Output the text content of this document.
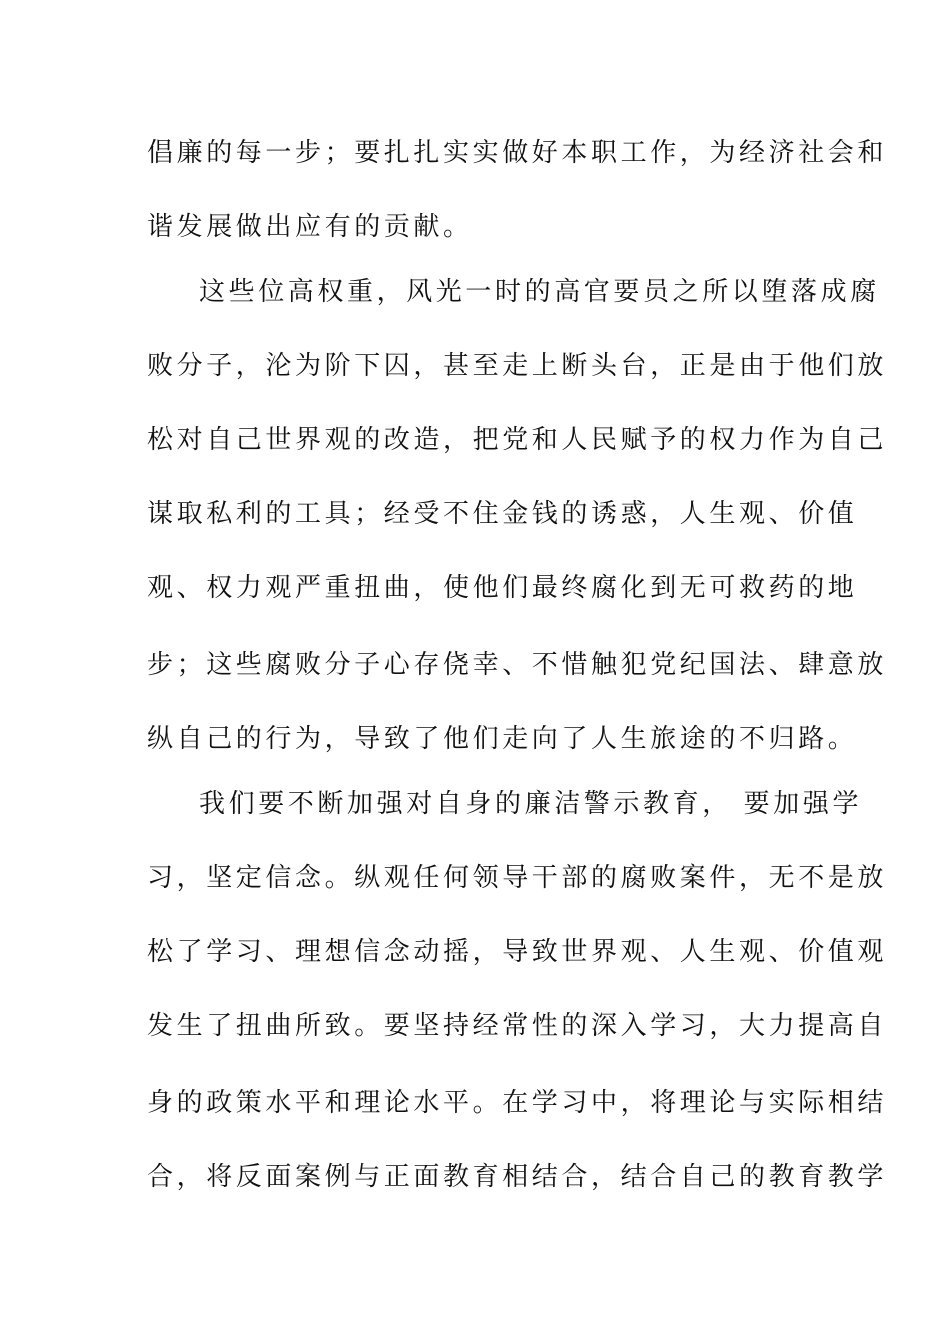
倡廉的每一步；要扎扎实实做好本职工作，为经济社会和
谐发展做出应有的贡献。
这些位高权重，风光一时的高官要员之所以堕落成腐
败分子，沦为阶下囚，甚至走上断头台，正是由于他们放
松对自己世界观的改造，把党和人民赋予的权力作为自己
谋取私利的工具；经受不住金钱的诱惑，人生观、价值
观、权力观严重扭曲，使他们最终腐化到无可救药的地
步；这些腐败分子心存侥幸、不惜触犯党纪国法、肆意放
纵自己的行为，导致了他们走向了人生旅途的不归路。
我们要不断加强对自身的廉洁警示教育， 要加强学
习，坚定信念。纵观任何领导干部的腐败案件，无不是放
松了学习、理想信念动摇，导致世界观、人生观、价值观
发生了扭曲所致。要坚持经常性的深入学习，大力提高自
身的政策水平和理论水平。在学习中，将理论与实际相结
合，将反面案例与正面教育相结合，结合自己的教育教学
